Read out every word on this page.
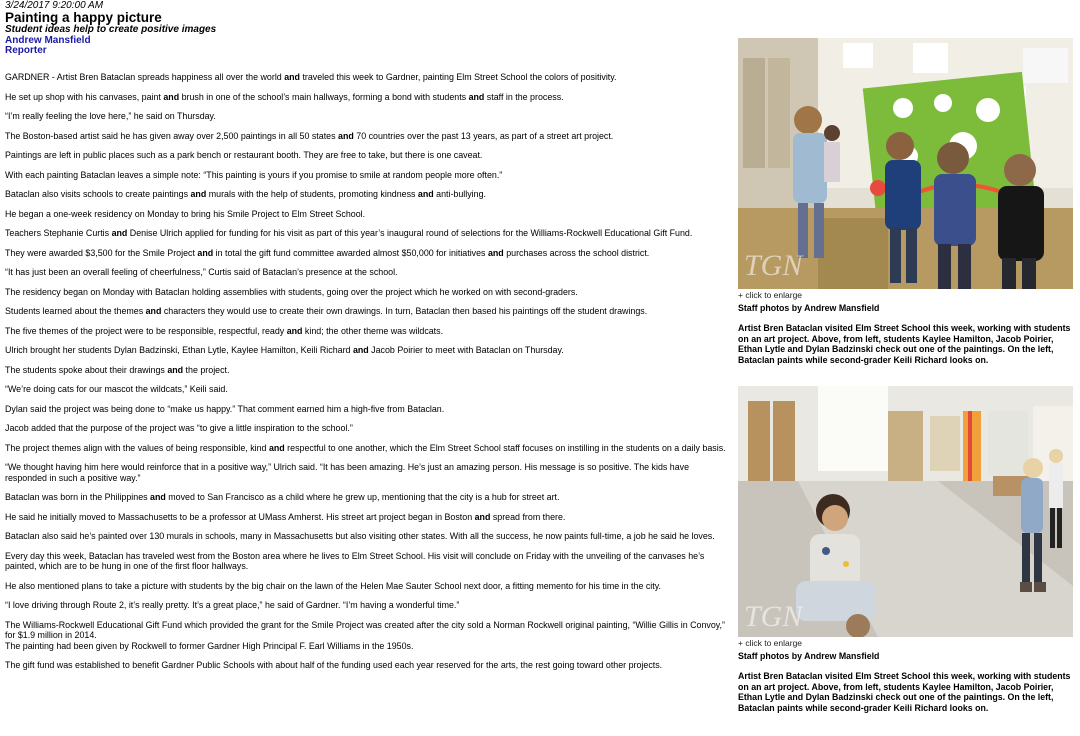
3/24/2017 9:20:00 AM
Painting a happy picture
Student ideas help to create positive images
Andrew Mansfield
Reporter

GARDNER - Artist Bren Bataclan spreads happiness all over the world and traveled this week to Gardner, painting Elm Street School the colors of positivity.

He set up shop with his canvases, paint and brush in one of the school’s main hallways, forming a bond with students and staff in the process.

“I’m really feeling the love here,” he said on Thursday.

The Boston-based artist said he has given away over 2,500 paintings in all 50 states and 70 countries over the past 13 years, as part of a street art project.

Paintings are left in public places such as a park bench or restaurant booth. They are free to take, but there is one caveat.

With each painting Bataclan leaves a simple note: “This painting is yours if you promise to smile at random people more often.”

Bataclan also visits schools to create paintings and murals with the help of students, promoting kindness and anti-bullying.

He began a one-week residency on Monday to bring his Smile Project to Elm Street School.

Teachers Stephanie Curtis and Denise Ulrich applied for funding for his visit as part of this year’s inaugural round of selections for the Williams-Rockwell Educational Gift Fund.

They were awarded $3,500 for the Smile Project and in total the gift fund committee awarded almost $50,000 for initiatives and purchases across the school district.

“It has just been an overall feeling of cheerfulness,” Curtis said of Bataclan’s presence at the school.

The residency began on Monday with Bataclan holding assemblies with students, going over the project which he worked on with second-graders.

Students learned about the themes and characters they would use to create their own drawings. In turn, Bataclan then based his paintings off the student drawings.

The five themes of the project were to be responsible, respectful, ready and kind; the other theme was wildcats.

Ulrich brought her students Dylan Badzinski, Ethan Lytle, Kaylee Hamilton, Keili Richard and Jacob Poirier to meet with Bataclan on Thursday.

The students spoke about their drawings and the project.

“We’re doing cats for our mascot the wildcats,” Keili said.

Dylan said the project was being done to “make us happy.” That comment earned him a high-five from Bataclan.

Jacob added that the purpose of the project was “to give a little inspiration to the school.”

The project themes align with the values of being responsible, kind and respectful to one another, which the Elm Street School staff focuses on instilling in the students on a daily basis.

“We thought having him here would reinforce that in a positive way,” Ulrich said. “It has been amazing. He’s just an amazing person. His message is so positive. The kids have responded in such a positive way.”

Bataclan was born in the Philippines and moved to San Francisco as a child where he grew up, mentioning that the city is a hub for street art.

He said he initially moved to Massachusetts to be a professor at UMass Amherst. His street art project began in Boston and spread from there.

Bataclan also said he’s painted over 130 murals in schools, many in Massachusetts but also visiting other states. With all the success, he now paints full-time, a job he said he loves.

Every day this week, Bataclan has traveled west from the Boston area where he lives to Elm Street School. His visit will conclude on Friday with the unveiling of the canvases he’s painted, which are to be hung in one of the first floor hallways.

He also mentioned plans to take a picture with students by the big chair on the lawn of the Helen Mae Sauter School next door, a fitting memento for his time in the city.

“I love driving through Route 2, it’s really pretty. It’s a great place,” he said of Gardner. “I’m having a wonderful time.”

The Williams-Rockwell Educational Gift Fund which provided the grant for the Smile Project was created after the city sold a Norman Rockwell original painting, “Willie Gillis in Convoy,” for $1.9 million in 2014.
The painting had been given by Rockwell to former Gardner High Principal F. Earl Williams in the 1950s.

The gift fund was established to benefit Gardner Public Schools with about half of the funding used each year reserved for the arts, the rest going toward other projects.

TGN
+ click to enlarge
Staff photos by Andrew Mansfield
Artist Bren Bataclan visited Elm Street School this week, working with students on an art project. Above, from left, students Kaylee Hamilton, Jacob Poirier, Ethan Lytle and Dylan Badzinski check out one of the paintings. On the left, Bataclan paints while second-grader Keili Richard looks on.
TGN
+ click to enlarge
Staff photos by Andrew Mansfield
Artist Bren Bataclan visited Elm Street School this week, working with students on an art project. Above, from left, students Kaylee Hamilton, Jacob Poirier, Ethan Lytle and Dylan Badzinski check out one of the paintings. On the left, Bataclan paints while second-grader Keili Richard looks on.
